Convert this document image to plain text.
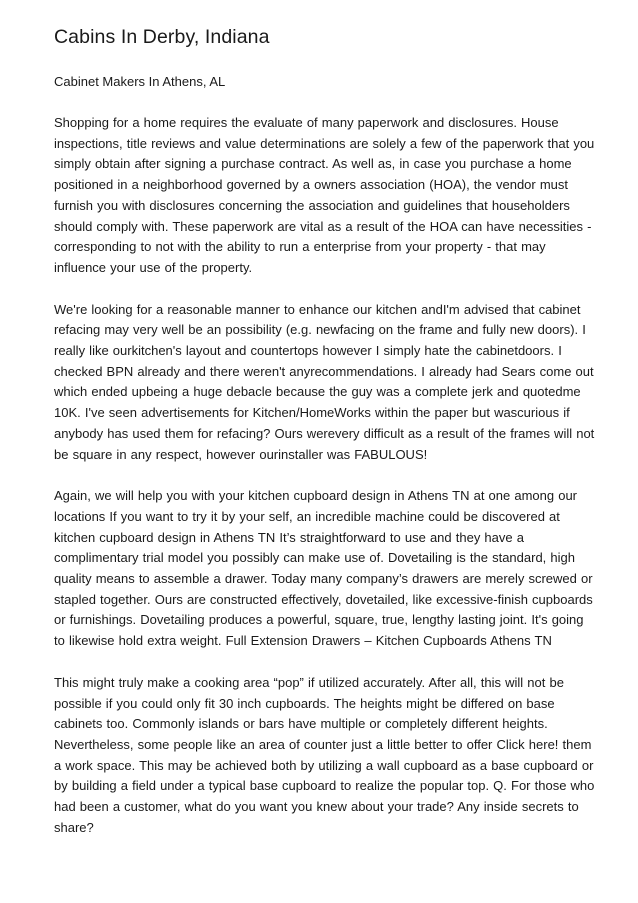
Cabins In Derby, Indiana
Cabinet Makers In Athens, AL
Shopping for a home requires the evaluate of many paperwork and disclosures. House
inspections, title reviews and value determinations are solely a few of the paperwork that you
simply obtain after signing a purchase contract. As well as, in case you purchase a home
positioned in a neighborhood governed by a owners association (HOA), the vendor must
furnish you with disclosures concerning the association and guidelines that householders
should comply with. These paperwork are vital as a result of the HOA can have necessities -
corresponding to not with the ability to run a enterprise from your property - that may
influence your use of the property.
We're looking for a reasonable manner to enhance our kitchen andI'm advised that cabinet
refacing may very well be an possibility (e.g. newfacing on the frame and fully new doors). I
really like ourkitchen's layout and countertops however I simply hate the cabinetdoors. I
checked BPN already and there weren't anyrecommendations. I already had Sears come out
which ended upbeing a huge debacle because the guy was a complete jerk and quotedme
10K. I've seen advertisements for Kitchen/HomeWorks within the paper but wascurious if
anybody has used them for refacing? Ours werevery difficult as a result of the frames will not
be square in any respect, however ourinstaller was FABULOUS!
Again, we will help you with your kitchen cupboard design in Athens TN at one among our
locations If you want to try it by your self, an incredible machine could be discovered at
kitchen cupboard design in Athens TN It’s straightforward to use and they have a
complimentary trial model you possibly can make use of. Dovetailing is the standard, high
quality means to assemble a drawer. Today many company’s drawers are merely screwed or
stapled together. Ours are constructed effectively, dovetailed, like excessive-finish cupboards
or furnishings. Dovetailing produces a powerful, square, true, lengthy lasting joint. It's going
to likewise hold extra weight. Full Extension Drawers – Kitchen Cupboards Athens TN
This might truly make a cooking area “pop” if utilized accurately. After all, this will not be
possible if you could only fit 30 inch cupboards. The heights might be differed on base
cabinets too. Commonly islands or bars have multiple or completely different heights.
Nevertheless, some people like an area of counter just a little better to offer Click here! them
a work space. This may be achieved both by utilizing a wall cupboard as a base cupboard or
by building a field under a typical base cupboard to realize the popular top. Q. For those who
had been a customer, what do you want you knew about your trade? Any inside secrets to
share?
